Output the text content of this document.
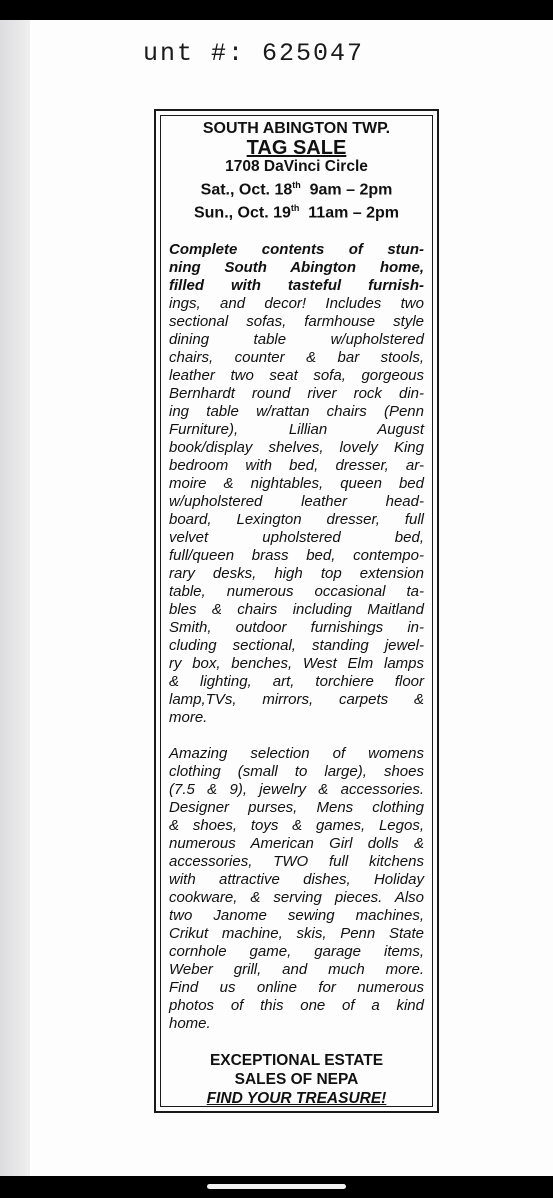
unt #: 625047
SOUTH ABINGTON TWP.
TAG SALE
1708 DaVinci Circle
Sat., Oct. 18th 9am – 2pm
Sun., Oct. 19th 11am – 2pm
Complete contents of stun-
ning South Abington home,
filled with tasteful furnish-
ings, and decor! Includes two
sectional sofas, farmhouse style
dining table w/upholstered
chairs, counter & bar stools,
leather two seat sofa, gorgeous
Bernhardt round river rock din-
ing table w/rattan chairs (Penn
Furniture), Lillian August
book/display shelves, lovely King
bedroom with bed, dresser, ar-
moire & nightables, queen bed
w/upholstered leather head-
board, Lexington dresser, full
velvet upholstered bed,
full/queen brass bed, contempo-
rary desks, high top extension
table, numerous occasional ta-
bles & chairs including Maitland
Smith, outdoor furnishings in-
cluding sectional, standing jewel-
ry box, benches, West Elm lamps
& lighting, art, torchiere floor
lamp,TVs, mirrors, carpets &
more.
Amazing selection of womens
clothing (small to large), shoes
(7.5 & 9), jewelry & accessories.
Designer purses, Mens clothing
& shoes, toys & games, Legos,
numerous American Girl dolls &
accessories, TWO full kitchens
with attractive dishes, Holiday
cookware, & serving pieces. Also
two Janome sewing machines,
Crikut machine, skis, Penn State
cornhole game, garage items,
Weber grill, and much more.
Find us online for numerous
photos of this one of a kind
home.
EXCEPTIONAL ESTATE
SALES OF NEPA
FIND YOUR TREASURE!
